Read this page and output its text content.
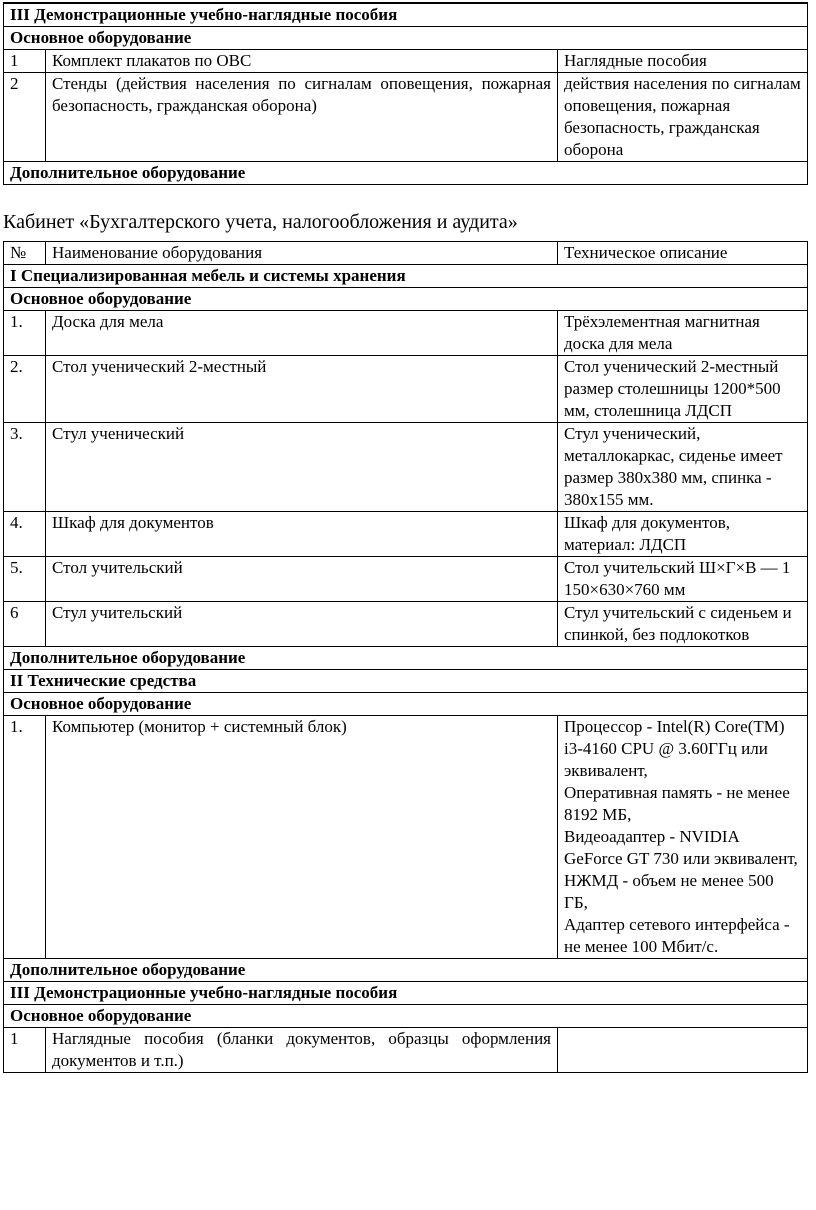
III Демонстрационные учебно-наглядные пособия		
Основное оборудование		
1	Комплект плакатов по ОВС	Наглядные пособия
2	Стенды (действия населения по сигналам оповещения, пожарная безопасность, гражданская оборона)	действия населения по сигналам оповещения, пожарная безопасность, гражданская оборона
Дополнительное оборудование		
Кабинет «Бухгалтерского учета, налогообложения и аудита»
№	Наименование оборудования	Техническое описание
I Специализированная мебель и системы хранения		
Основное оборудование		
1.	Доска для мела	Трёхэлементная магнитная доска для мела
2.	Стол ученический 2-местный	Стол ученический 2-местный размер столешницы 1200*500 мм, столешница ЛДСП
3.	Стул ученический	Стул ученический, металлокаркас, сиденье имеет размер 380х380 мм, спинка - 380х155 мм.
4.	Шкаф для документов	Шкаф для документов, материал: ЛДСП
5.	Стол учительский	Стол учительский Ш×Г×В — 1 150×630×760 мм
6	Стул учительский	Стул учительский с сиденьем и спинкой, без подлокотков
Дополнительное оборудование		
II Технические средства		
Основное оборудование		
1.	Компьютер (монитор + системный блок)	Процессор - Intel(R) Core(TM) i3-4160 CPU @ 3.60ГГц или эквивалент,
Оперативная память - не менее 8192 МБ,
Видеоадаптер - NVIDIA GeForce GT 730 или эквивалент,
НЖМД - объем не менее 500 ГБ,
Адаптер сетевого интерфейса - не менее 100 Мбит/с.

Дополнительное оборудование		
III Демонстрационные учебно-наглядные пособия		
Основное оборудование		
1	Наглядные пособия (бланки документов, образцы оформления документов и т.п.)	
